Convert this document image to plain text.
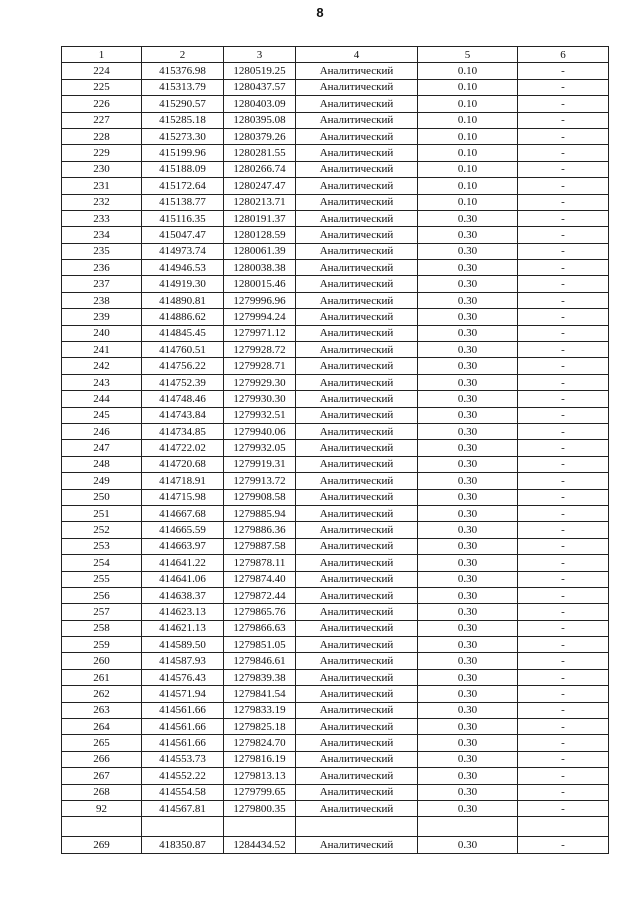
8
1	2	3	4	5	6
224	415376.98	1280519.25	Аналитический	0.10	-
225	415313.79	1280437.57	Аналитический	0.10	-
226	415290.57	1280403.09	Аналитический	0.10	-
227	415285.18	1280395.08	Аналитический	0.10	-
228	415273.30	1280379.26	Аналитический	0.10	-
229	415199.96	1280281.55	Аналитический	0.10	-
230	415188.09	1280266.74	Аналитический	0.10	-
231	415172.64	1280247.47	Аналитический	0.10	-
232	415138.77	1280213.71	Аналитический	0.10	-
233	415116.35	1280191.37	Аналитический	0.30	-
234	415047.47	1280128.59	Аналитический	0.30	-
235	414973.74	1280061.39	Аналитический	0.30	-
236	414946.53	1280038.38	Аналитический	0.30	-
237	414919.30	1280015.46	Аналитический	0.30	-
238	414890.81	1279996.96	Аналитический	0.30	-
239	414886.62	1279994.24	Аналитический	0.30	-
240	414845.45	1279971.12	Аналитический	0.30	-
241	414760.51	1279928.72	Аналитический	0.30	-
242	414756.22	1279928.71	Аналитический	0.30	-
243	414752.39	1279929.30	Аналитический	0.30	-
244	414748.46	1279930.30	Аналитический	0.30	-
245	414743.84	1279932.51	Аналитический	0.30	-
246	414734.85	1279940.06	Аналитический	0.30	-
247	414722.02	1279932.05	Аналитический	0.30	-
248	414720.68	1279919.31	Аналитический	0.30	-
249	414718.91	1279913.72	Аналитический	0.30	-
250	414715.98	1279908.58	Аналитический	0.30	-
251	414667.68	1279885.94	Аналитический	0.30	-
252	414665.59	1279886.36	Аналитический	0.30	-
253	414663.97	1279887.58	Аналитический	0.30	-
254	414641.22	1279878.11	Аналитический	0.30	-
255	414641.06	1279874.40	Аналитический	0.30	-
256	414638.37	1279872.44	Аналитический	0.30	-
257	414623.13	1279865.76	Аналитический	0.30	-
258	414621.13	1279866.63	Аналитический	0.30	-
259	414589.50	1279851.05	Аналитический	0.30	-
260	414587.93	1279846.61	Аналитический	0.30	-
261	414576.43	1279839.38	Аналитический	0.30	-
262	414571.94	1279841.54	Аналитический	0.30	-
263	414561.66	1279833.19	Аналитический	0.30	-
264	414561.66	1279825.18	Аналитический	0.30	-
265	414561.66	1279824.70	Аналитический	0.30	-
266	414553.73	1279816.19	Аналитический	0.30	-
267	414552.22	1279813.13	Аналитический	0.30	-
268	414554.58	1279799.65	Аналитический	0.30	-
92	414567.81	1279800.35	Аналитический	0.30	-

269	418350.87	1284434.52	Аналитический	0.30	-
